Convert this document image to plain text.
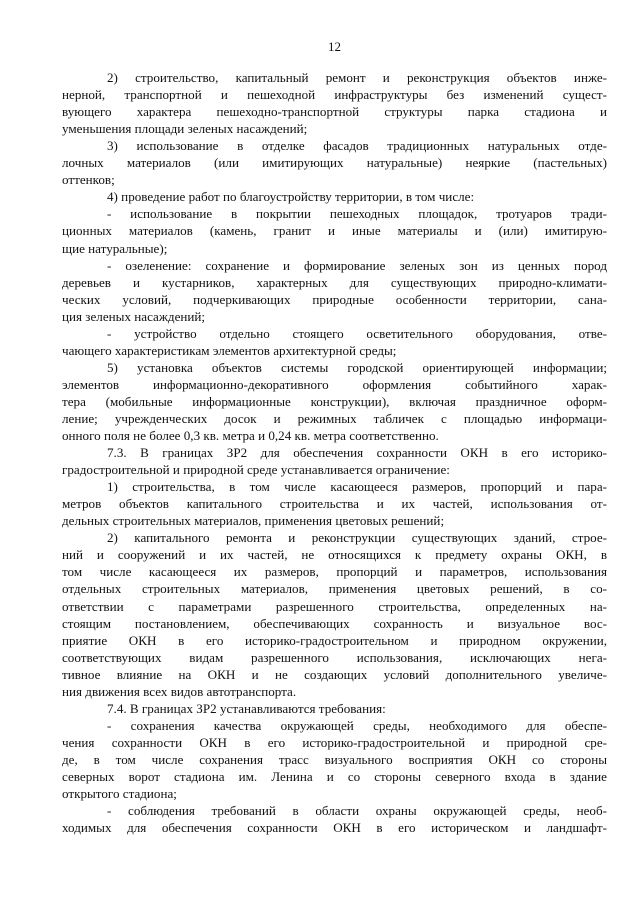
12
2) строительство, капитальный ремонт и реконструкция объектов инже-
нерной, транспортной и пешеходной инфраструктуры без изменений сущест-
вующего характера пешеходно-транспортной структуры парка стадиона и
уменьшения площади зеленых насаждений;
3) использование в отделке фасадов традиционных натуральных отде-
лочных материалов (или имитирующих натуральные) неяркие (пастельных)
оттенков;
4) проведение работ по благоустройству территории, в том числе:
- использование в покрытии пешеходных площадок, тротуаров тради-
ционных материалов (камень, гранит и иные материалы и (или) имитирую-
щие натуральные);
- озеленение: сохранение и формирование зеленых зон из ценных пород
деревьев и кустарников, характерных для существующих природно-климати-
ческих условий, подчеркивающих природные особенности территории, сана-
ция зеленых насаждений;
- устройство отдельно стоящего осветительного оборудования, отве-
чающего характеристикам элементов архитектурной среды;
5) установка объектов системы городской ориентирующей информации;
элементов информационно-декоративного оформления событийного харак-
тера (мобильные информационные конструкции), включая праздничное оформ-
ление; учрежденческих досок и режимных табличек с площадью информаци-
онного поля не более 0,3 кв. метра и 0,24 кв. метра соответственно.
7.3. В границах ЗР2 для обеспечения сохранности ОКН в его историко-
градостроительной и природной среде устанавливается ограничение:
1) строительства, в том числе касающееся размеров, пропорций и пара-
метров объектов капитального строительства и их частей, использования от-
дельных строительных материалов, применения цветовых решений;
2) капитального ремонта и реконструкции существующих зданий, строе-
ний и сооружений и их частей, не относящихся к предмету охраны ОКН, в
том числе касающееся их размеров, пропорций и параметров, использования
отдельных строительных материалов, применения цветовых решений, в со-
ответствии с параметрами разрешенного строительства, определенных на-
стоящим постановлением, обеспечивающих сохранность и визуальное вос-
приятие ОКН в его историко-градостроительном и природном окружении,
соответствующих видам разрешенного использования, исключающих нега-
тивное влияние на ОКН и не создающих условий дополнительного увеличе-
ния движения всех видов автотранспорта.
7.4. В границах ЗР2 устанавливаются требования:
- сохранения качества окружающей среды, необходимого для обеспе-
чения сохранности ОКН в его историко-градостроительной и природной сре-
де, в том числе сохранения трасс визуального восприятия ОКН со стороны
северных ворот стадиона им. Ленина и со стороны северного входа в здание
открытого стадиона;
- соблюдения требований в области охраны окружающей среды, необ-
ходимых для обеспечения сохранности ОКН в его историческом и ландшафт-
